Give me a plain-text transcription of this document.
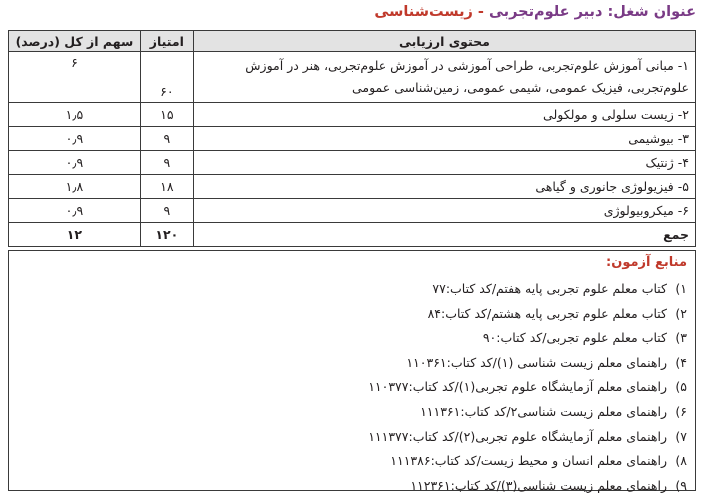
عنوان شغل: دبیر علوم‌تجربی - زیست‌شناسی
محتوی ارزیابی	امتیاز	سهم از کل (درصد)
۱- مبانی آموزش علوم‌تجربی، طراحی آموزشی در آموزش علوم‌تجربی، هنر در آموزش علوم‌تجربی، فیزیک عمومی، شیمی عمومی، زمین‌شناسی عمومی	۶۰	۶
۲- زیست سلولی و مولکولی	۱۵	۱٫۵
۳- بیوشیمی	۹	۰٫۹
۴- ژنتیک	۹	۰٫۹
۵- فیزیولوژی جانوری و گیاهی	۱۸	۱٫۸
۶- میکروبیولوژی	۹	۰٫۹
جمع	۱۲۰	۱۲
منابع آزمون:
۱)کتاب معلم علوم تجربی پایه هفتم/کد کتاب:۷۷
۲)کتاب معلم علوم تجربی پایه هشتم/کد کتاب:۸۴
۳)کتاب معلم علوم تجربی/کد کتاب:۹۰
۴)راهنمای معلم زیست شناسی (۱)/کد کتاب:۱۱۰۳۶۱
۵)راهنمای معلم آزمایشگاه علوم تجربی(۱)/کد کتاب:۱۱۰۳۷۷
۶)راهنمای معلم زیست شناسی۲/کد کتاب:۱۱۱۳۶۱
۷)راهنمای معلم آزمایشگاه علوم تجربی(۲)/کد کتاب:۱۱۱۳۷۷
۸)راهنمای معلم انسان و محیط زیست/کد کتاب:۱۱۱۳۸۶
۹)راهنمای معلم زیست شناسی(۳)/کد کتاب:۱۱۲۳۶۱
